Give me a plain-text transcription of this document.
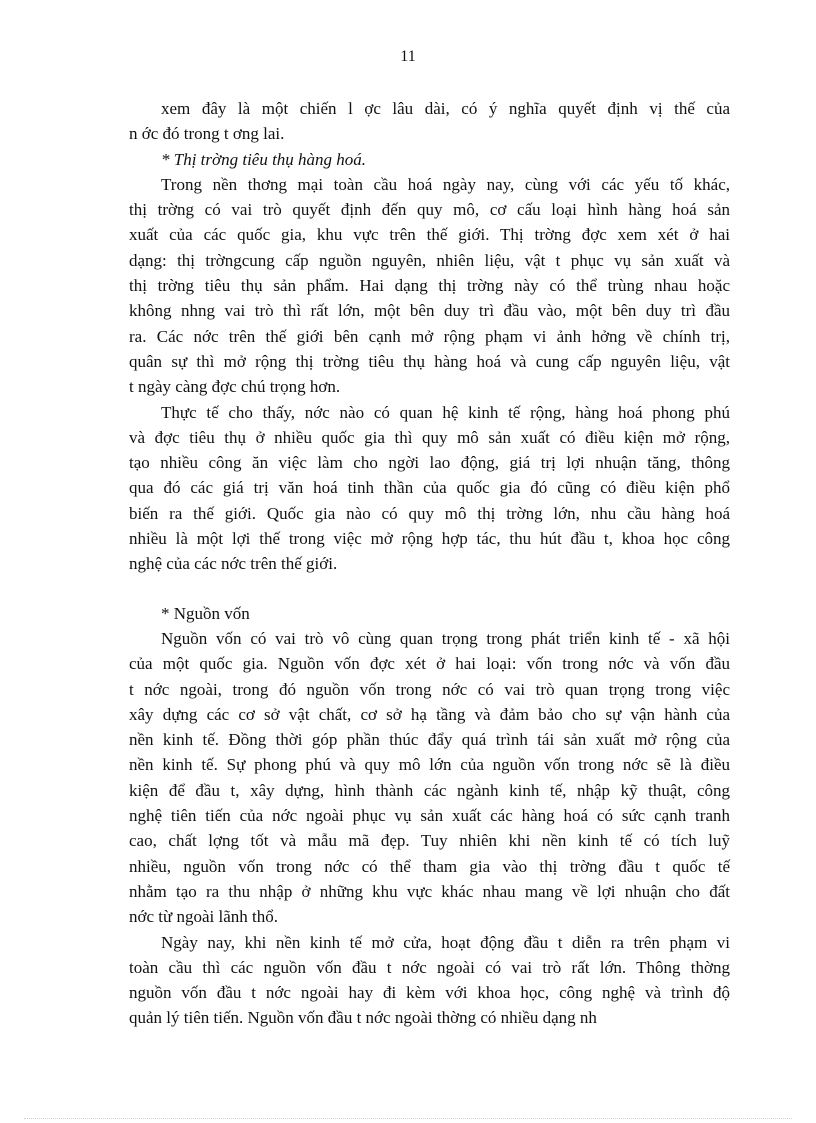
11
xem đây là một chiến l ợc lâu dài, có ý nghĩa quyết định vị thế của
n ớc đó trong t ơng lai.
* Thị trờng tiêu thụ hàng hoá.
Trong nền thơng mại toàn cầu hoá ngày nay, cùng với các yếu tố khác,
thị trờng có vai trò quyết định đến quy mô, cơ cấu loại hình hàng hoá sản
xuất của các quốc gia, khu vực trên thế giới. Thị trờng đợc xem xét ở hai
dạng: thị trờngcung cấp nguồn nguyên, nhiên liệu, vật t phục vụ sản xuất và
thị trờng tiêu thụ sản phẩm. Hai dạng thị trờng này có thể trùng nhau hoặc
không nhng vai trò thì rất lớn, một bên duy trì đầu vào, một bên duy trì đầu
ra. Các nớc trên thế giới bên cạnh mở rộng phạm vi ảnh hởng về chính trị,
quân sự thì mở rộng thị trờng tiêu thụ hàng hoá và cung cấp nguyên liệu, vật
t ngày càng đợc chú trọng hơn.
Thực tế cho thấy, nớc nào có quan hệ kinh tế rộng, hàng hoá phong phú
và đợc tiêu thụ ở nhiều quốc gia thì quy mô sản xuất có điều kiện mở rộng,
tạo nhiều công ăn việc làm cho ngời lao động, giá trị lợi nhuận tăng, thông
qua đó các giá trị văn hoá tinh thần của quốc gia đó cũng có điều kiện phổ
biến ra thế giới. Quốc gia nào có quy mô thị trờng lớn, nhu cầu hàng hoá
nhiều là một lợi thế trong việc mở rộng hợp tác, thu hút đầu t, khoa học công
nghệ của các nớc trên thế giới.
* Nguồn vốn
Nguồn vốn có vai trò vô cùng quan trọng trong phát triển kinh tế - xã hội
của một quốc gia. Nguồn vốn đợc xét ở hai loại: vốn trong nớc và vốn đầu
t nớc ngoài, trong đó nguồn vốn trong nớc có vai trò quan trọng trong việc
xây dựng các cơ sở vật chất, cơ sở hạ tầng và đảm bảo cho sự vận hành của
nền kinh tế. Đồng thời góp phần thúc đẩy quá trình tái sản xuất mở rộng của
nền kinh tế. Sự phong phú và quy mô lớn của nguồn vốn trong nớc sẽ là điều
kiện để đầu t, xây dựng, hình thành các ngành kinh tế, nhập kỹ thuật, công
nghệ tiên tiến của nớc ngoài phục vụ sản xuất các hàng hoá có sức cạnh tranh
cao, chất lợng tốt và mẫu mã đẹp. Tuy nhiên khi nền kinh tế có tích luỹ
nhiều, nguồn vốn trong nớc có thể tham gia vào thị trờng đầu t quốc tế
nhằm tạo ra thu nhập ở những khu vực khác nhau mang về lợi nhuận cho đất
nớc từ ngoài lãnh thổ.
Ngày nay, khi nền kinh tế mở cửa, hoạt động đầu t diễn ra trên phạm vi
toàn cầu thì các nguồn vốn đầu t nớc ngoài có vai trò rất lớn. Thông thờng
nguồn vốn đầu t nớc ngoài hay đi kèm với khoa học, công nghệ và trình độ
quản lý tiên tiến. Nguồn vốn đầu t nớc ngoài thờng có nhiều dạng nh
